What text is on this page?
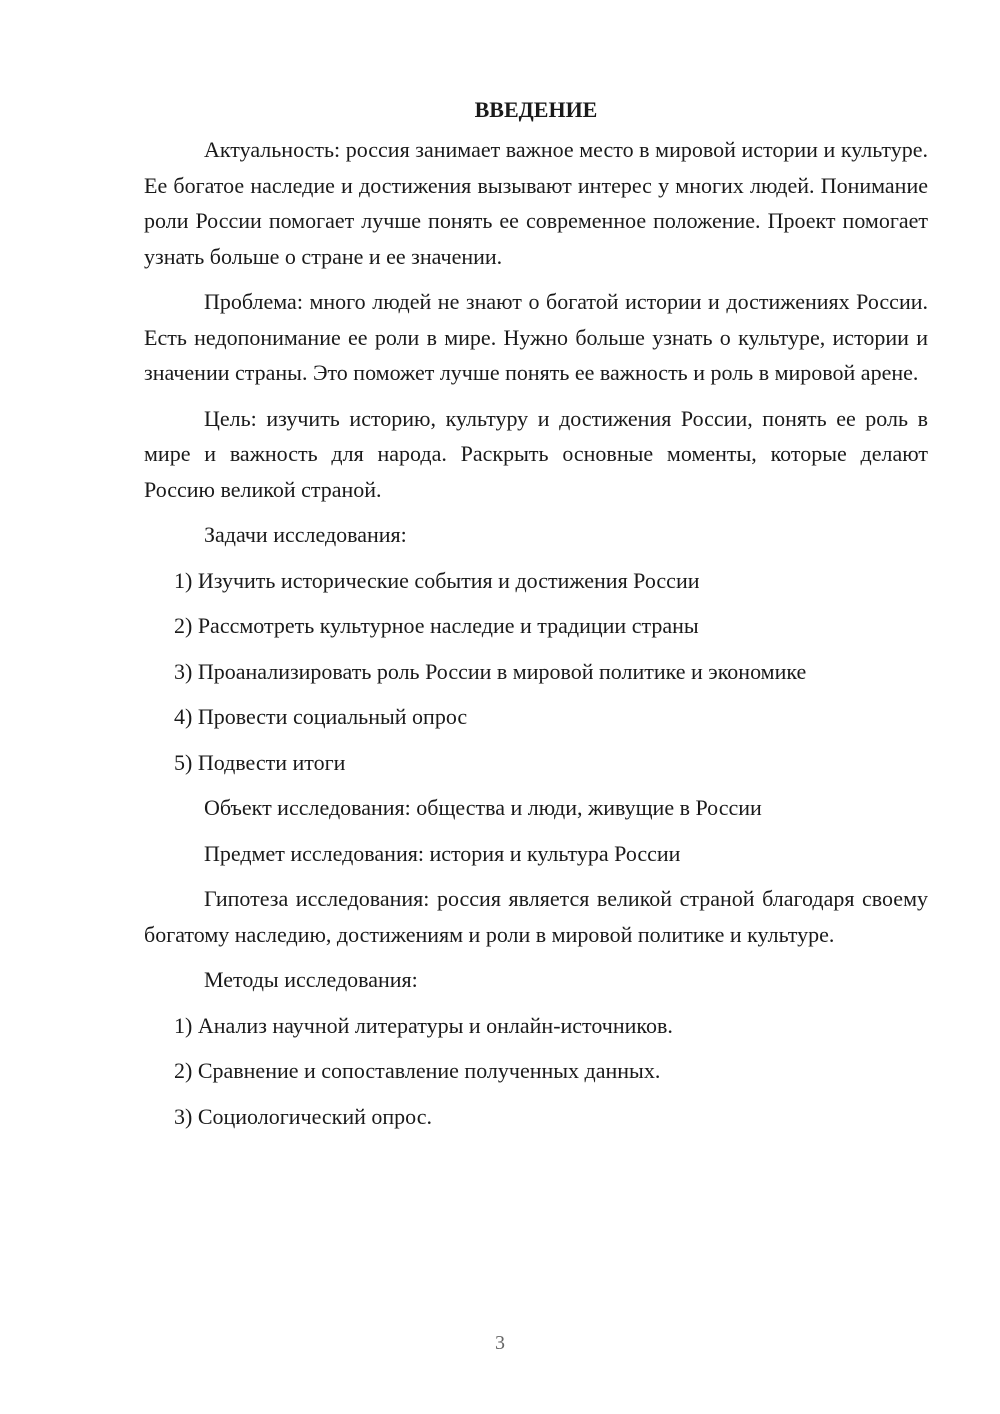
ВВЕДЕНИЕ

Актуальность: россия занимает важное место в мировой истории и культуре. Ее богатое наследие и достижения вызывают интерес у многих людей. Понимание роли России помогает лучше понять ее современное положение. Проект помогает узнать больше о стране и ее значении.

Проблема: много людей не знают о богатой истории и достижениях России. Есть недопонимание ее роли в мире. Нужно больше узнать о культуре, истории и значении страны. Это поможет лучше понять ее важность и роль в мировой арене.

Цель: изучить историю, культуру и достижения России, понять ее роль в мире и важность для народа. Раскрыть основные моменты, которые делают Россию великой страной.

Задачи исследования:
1) Изучить исторические события и достижения России
2) Рассмотреть культурное наследие и традиции страны
3) Проанализировать роль России в мировой политике и экономике
4) Провести социальный опрос
5) Подвести итоги
Объект исследования: общества и люди, живущие в России
Предмет исследования: история и культура России

Гипотеза исследования: россия является великой страной благодаря своему богатому наследию, достижениям и роли в мировой политике и культуре.

Методы исследования:
1) Анализ научной литературы и онлайн-источников.
2) Сравнение и сопоставление полученных данных.
3) Социологический опрос.
3
